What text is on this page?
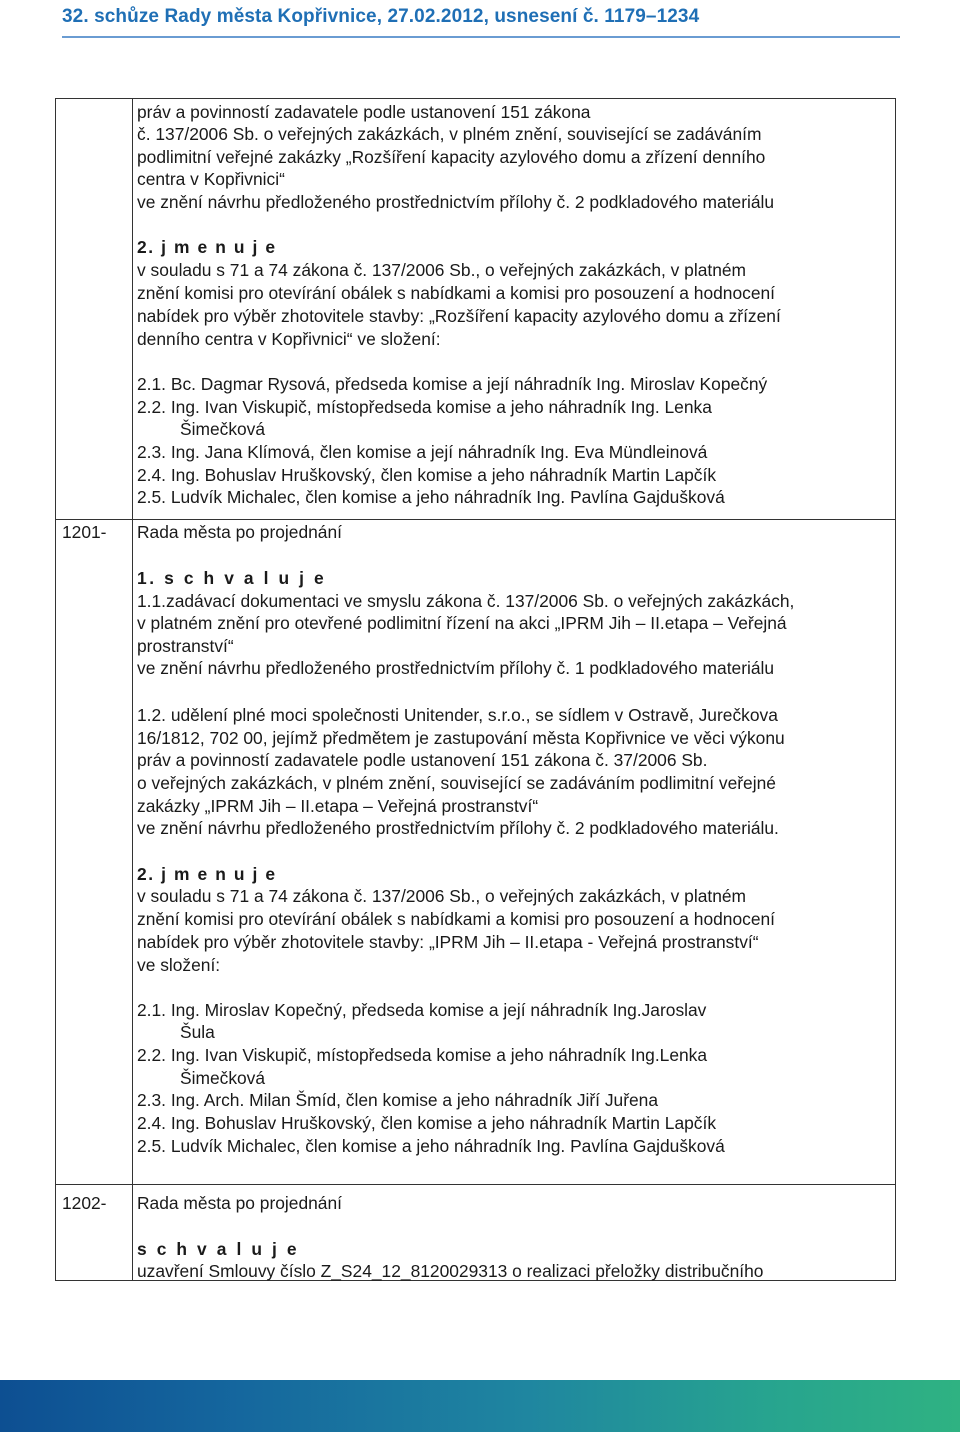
32. schůze Rady města Kopřivnice, 27.02.2012, usnesení č. 1179–1234
práv a povinností zadavatele podle ustanovení 151 zákona
č. 137/2006 Sb. o veřejných zakázkách, v plném znění, související se zadáváním
podlimitní veřejné zakázky „Rozšíření kapacity azylového domu a zřízení denního
centra v Kopřivnici“
ve znění návrhu předloženého prostřednictvím přílohy č. 2 podkladového materiálu
2. j m e n u j e
v souladu s 71 a 74 zákona č. 137/2006 Sb., o veřejných zakázkách, v platném
znění komisi pro otevírání obálek s nabídkami a komisi pro posouzení a hodnocení
nabídek pro výběr zhotovitele stavby: „Rozšíření kapacity azylového domu a zřízení
denního centra v Kopřivnici“ ve složení:
2.1. Bc. Dagmar Rysová, předseda komise a její náhradník Ing. Miroslav Kopečný
2.2. Ing. Ivan Viskupič, místopředseda komise a jeho náhradník Ing. Lenka
Šimečková
2.3. Ing. Jana Klímová, člen komise a její náhradník Ing. Eva Mündleinová
2.4. Ing. Bohuslav Hruškovský, člen komise a jeho náhradník Martin Lapčík
2.5. Ludvík Michalec, člen komise a jeho náhradník Ing. Pavlína Gajdušková
1201- Rada města po projednání
1. s c h v a l u j e
1.1.zadávací dokumentaci ve smyslu zákona č. 137/2006 Sb. o veřejných zakázkách,
v platném znění pro otevřené podlimitní řízení na akci „IPRM Jih – II.etapa – Veřejná
prostranství“
ve znění návrhu předloženého prostřednictvím přílohy č. 1 podkladového materiálu
1.2. udělení plné moci společnosti Unitender, s.r.o., se sídlem v Ostravě, Jurečkova
16/1812, 702 00, jejímž předmětem je zastupování města Kopřivnice ve věci výkonu
práv a povinností zadavatele podle ustanovení 151 zákona č. 37/2006 Sb.
o veřejných zakázkách, v plném znění, související se zadáváním podlimitní veřejné
zakázky „IPRM Jih – II.etapa – Veřejná prostranství“
ve znění návrhu předloženého prostřednictvím přílohy č. 2 podkladového materiálu.
2. j m e n u j e
v souladu s 71 a 74 zákona č. 137/2006 Sb., o veřejných zakázkách, v platném
znění komisi pro otevírání obálek s nabídkami a komisi pro posouzení a hodnocení
nabídek pro výběr zhotovitele stavby: „IPRM Jih – II.etapa - Veřejná prostranství“
ve složení:
2.1. Ing. Miroslav Kopečný, předseda komise a její náhradník Ing.Jaroslav
Šula
2.2. Ing. Ivan Viskupič, místopředseda komise a jeho náhradník Ing.Lenka
Šimečková
2.3. Ing. Arch. Milan Šmíd, člen komise a jeho náhradník Jiří Juřena
2.4. Ing. Bohuslav Hruškovský, člen komise a jeho náhradník Martin Lapčík
2.5. Ludvík Michalec, člen komise a jeho náhradník Ing. Pavlína Gajdušková
1202- Rada města po projednání
s c h v a l u j e
uzavření Smlouvy číslo Z_S24_12_8120029313 o realizaci přeložky distribučního
